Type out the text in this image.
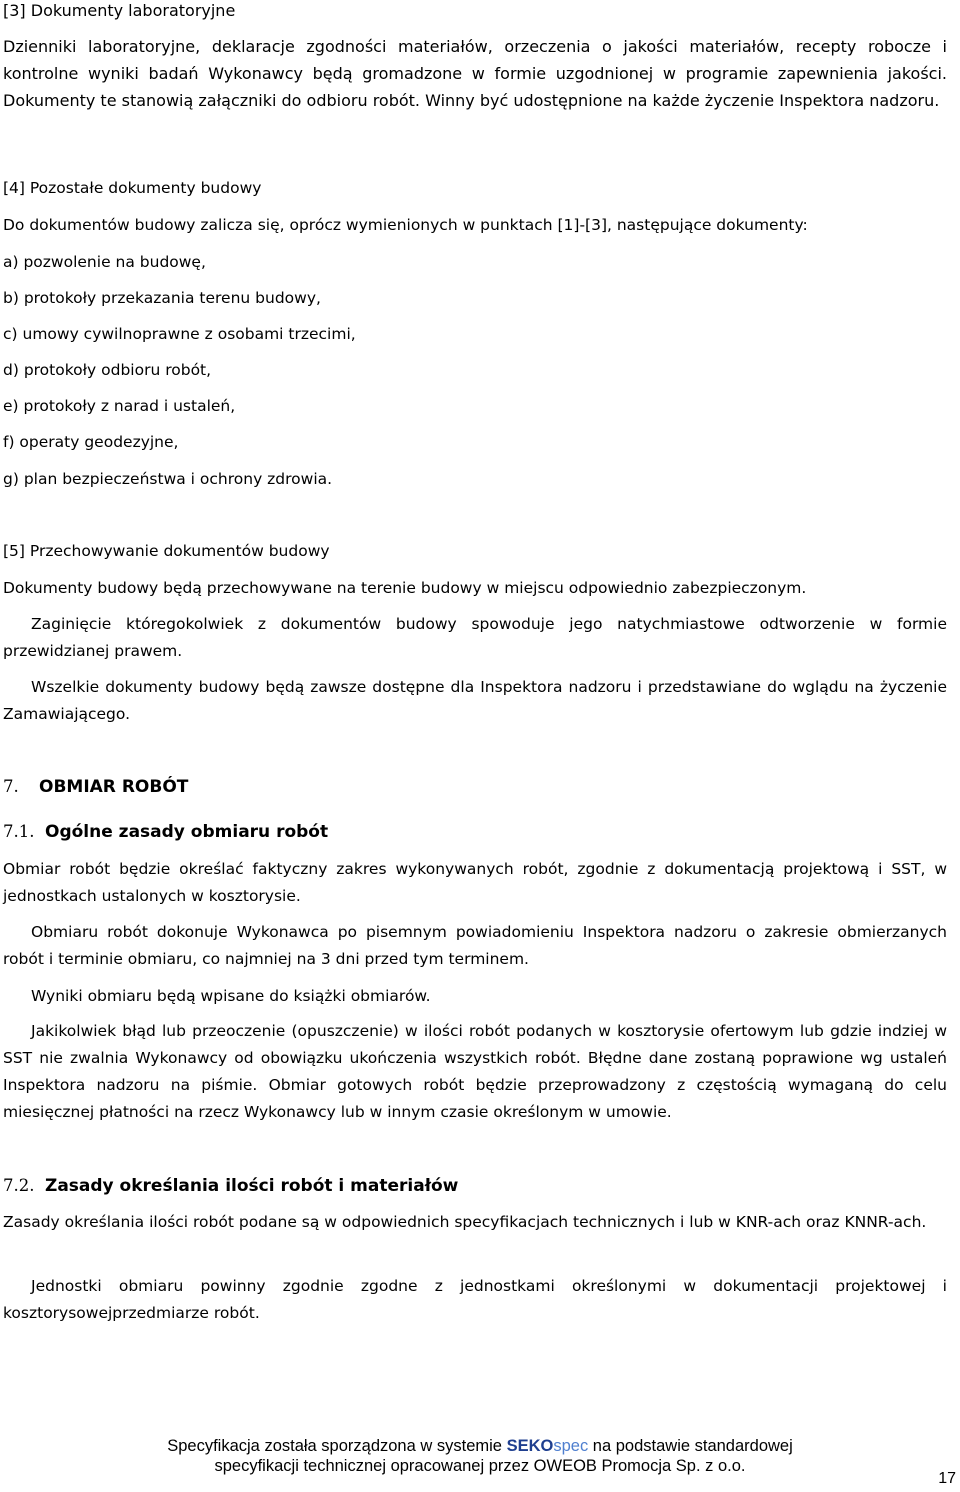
[3] Dokumenty laboratoryjne

Dzienniki laboratoryjne, deklaracje zgodności materiałów, orzeczenia o jakości materiałów, recepty robocze i kontrolne wyniki badań Wykonawcy będą gromadzone w formie uzgodnionej w programie zapewnienia jakości. Dokumenty te stanowią załączniki do odbioru robót. Winny być udostępnione na każde życzenie Inspektora nadzoru.

[4] Pozostałe dokumenty budowy

Do dokumentów budowy zalicza się, oprócz wymienionych w punktach [1]-[3], następujące dokumenty:

a) pozwolenie na budowę,

b) protokoły przekazania terenu budowy,

c) umowy cywilnoprawne z osobami trzecimi,

d) protokoły odbioru robót,

e) protokoły z narad i ustaleń,

f) operaty geodezyjne,

g) plan bezpieczeństwa i ochrony zdrowia.

[5] Przechowywanie dokumentów budowy

Dokumenty budowy będą przechowywane na terenie budowy w miejscu odpowiednio zabezpieczonym.

Zaginięcie któregokolwiek z dokumentów budowy spowoduje jego natychmiastowe odtworzenie w formie przewidzianej prawem.

Wszelkie dokumenty budowy będą zawsze dostępne dla Inspektora nadzoru i przedstawiane do wglądu na życzenie Zamawiającego.

7. OBMIAR ROBÓT

7.1. Ogólne zasady obmiaru robót

Obmiar robót będzie określać faktyczny zakres wykonywanych robót, zgodnie z dokumentacją projektową i SST, w jednostkach ustalonych w kosztorysie.

Obmiaru robót dokonuje Wykonawca po pisemnym powiadomieniu Inspektora nadzoru o zakresie obmierzanych robót i terminie obmiaru, co najmniej na 3 dni przed tym terminem.

Wyniki obmiaru będą wpisane do książki obmiarów.

Jakikolwiek błąd lub przeoczenie (opuszczenie) w ilości robót podanych w kosztorysie ofertowym lub gdzie indziej w SST nie zwalnia Wykonawcy od obowiązku ukończenia wszystkich robót. Błędne dane zostaną poprawione wg ustaleń Inspektora nadzoru na piśmie. Obmiar gotowych robót będzie przeprowadzony z częstością wymaganą do celu miesięcznej płatności na rzecz Wykonawcy lub w innym czasie określonym w umowie.

7.2. Zasady określania ilości robót i materiałów

Zasady określania ilości robót podane są w odpowiednich specyfikacjach technicznych i lub w KNR-ach oraz KNNR-ach.

Jednostki obmiaru powinny zgodnie zgodne z jednostkami określonymi w dokumentacji projektowej i kosztorysowejprzedmiarze robót.

Specyfikacja została sporządzona w systemie SEKOspec na podstawie standardowej
specyfikacji technicznej opracowanej przez OWEOB Promocja Sp. z o.o.
17
